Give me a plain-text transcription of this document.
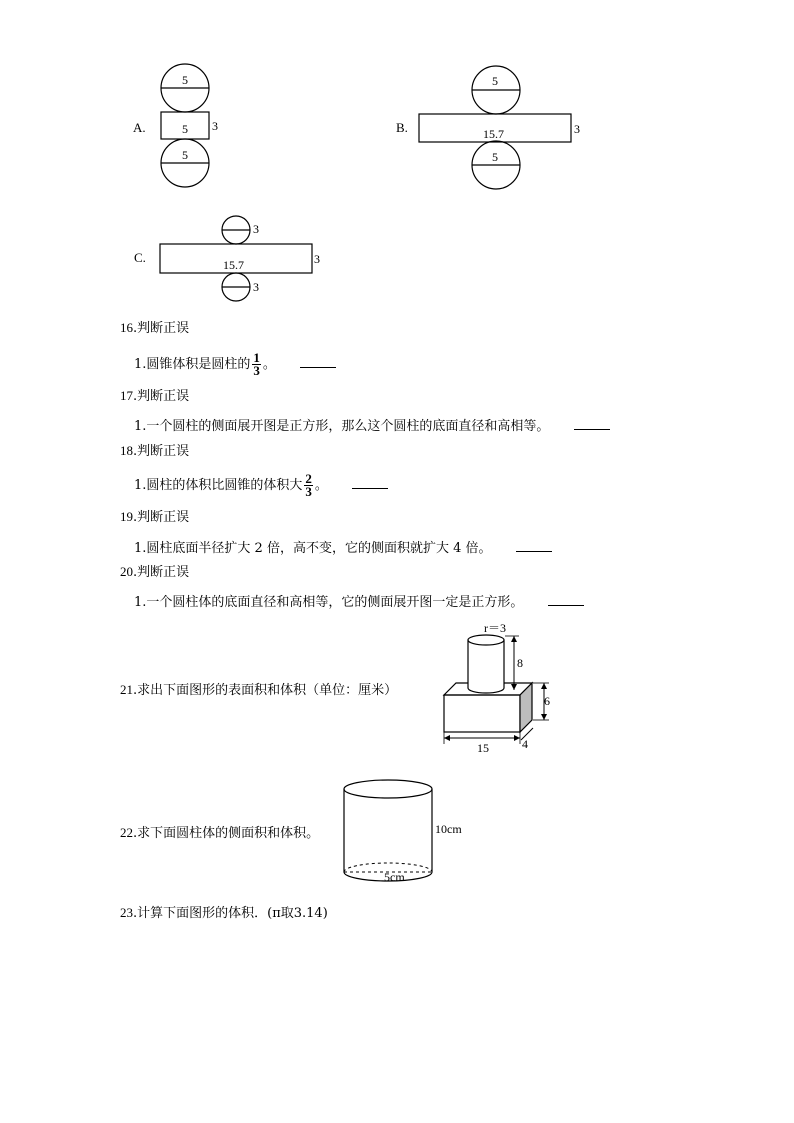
A.
5
5 3
5
B.
5
15.7	3
5
C.
3
15.7	3
3
16.判断正误
1.圆锥体积是圆柱的 $\frac{1}{3}$ 。
17.判断正误
1.一个圆柱的侧面展开图是正方形，那么这个圆柱的底面直径和高相等。
18.判断正误
1.圆柱的体积比圆锥的体积大 $\frac{2}{3}$ 。
19.判断正误
1.圆柱底面半径扩大 2 倍，高不变，它的侧面积就扩大 4 倍。
20.判断正误
1.一个圆柱体的底面直径和高相等，它的侧面展开图一定是正方形。
21.求出下面图形的表面积和体积（单位：厘米）
r＝3
8
6
15	4
22.求下面圆柱体的侧面积和体积。	10cm
5cm
23.计算下面图形的体积．(π取3.14)
